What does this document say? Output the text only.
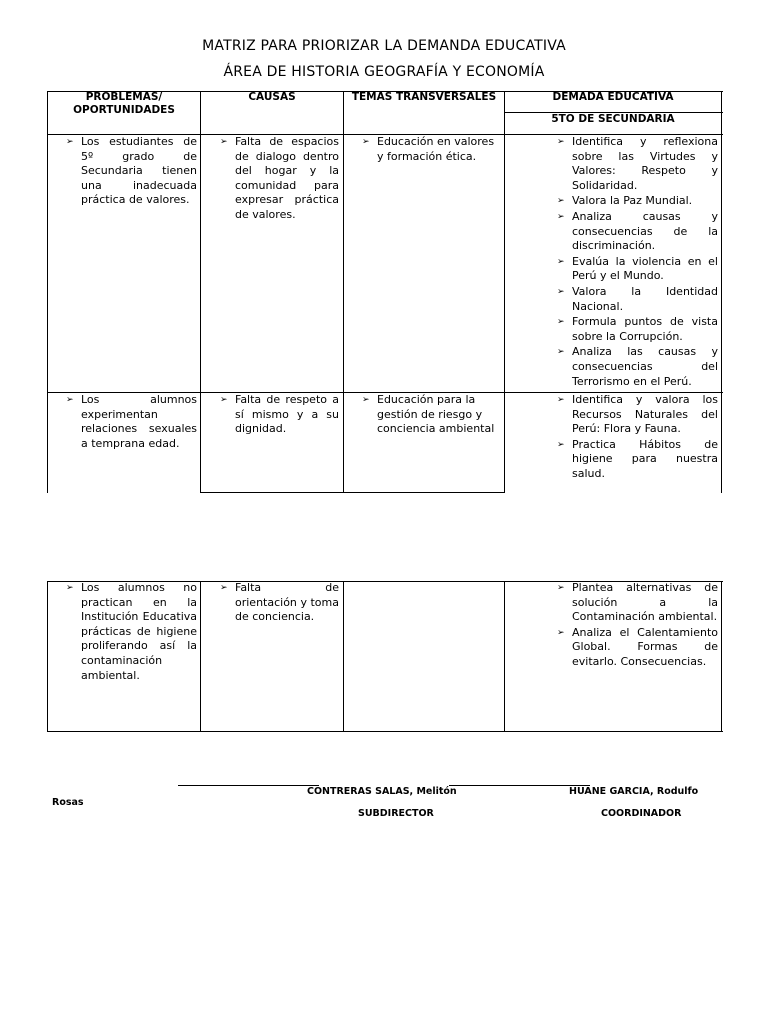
MATRIZ PARA PRIORIZAR LA DEMANDA EDUCATIVA
ÁREA DE HISTORIA GEOGRAFÍA Y ECONOMÍA
PROBLEMAS/ OPORTUNIDADES
CAUSAS	TEMAS TRANSVERSALES	DEMADA EDUCATIVA
5TO DE SECUNDARIA
➢ Los estudiantes de 5º grado de Secundaria tienen una inadecuada práctica de valores.
➢ Falta de espacios de dialogo dentro del hogar y la comunidad para expresar práctica de valores.
➢ Educación en valores y formación ética.
➢ Identifica y reflexiona sobre las Virtudes y Valores: Respeto y Solidaridad.
➢ Valora la Paz Mundial.
➢ Analiza causas y consecuencias de la discriminación.
➢ Evalúa la violencia en el Perú y el Mundo.
➢ Valora la Identidad Nacional.
➢ Formula puntos de vista sobre la Corrupción.
➢ Analiza las causas y consecuencias del Terrorismo en el Perú.
➢ Los alumnos experimentan relaciones sexuales a temprana edad.
➢ Falta de respeto a sí mismo y a su dignidad.
➢ Educación para la gestión de riesgo y conciencia ambiental
➢ Identifica y valora los Recursos Naturales del Perú: Flora y Fauna.
➢ Practica Hábitos de higiene para nuestra salud.
➢ Los alumnos no practican en la Institución Educativa prácticas de higiene proliferando así la contaminación ambiental.
➢ Falta de orientación y toma de conciencia.
➢ Plantea alternativas de solución a la Contaminación ambiental.
➢ Analiza el Calentamiento Global. Formas de evitarlo. Consecuencias.
Rosas
CONTRERAS SALAS, Melitón
SUBDIRECTOR
HUANE GARCIA, Rodulfo
COORDINADOR
